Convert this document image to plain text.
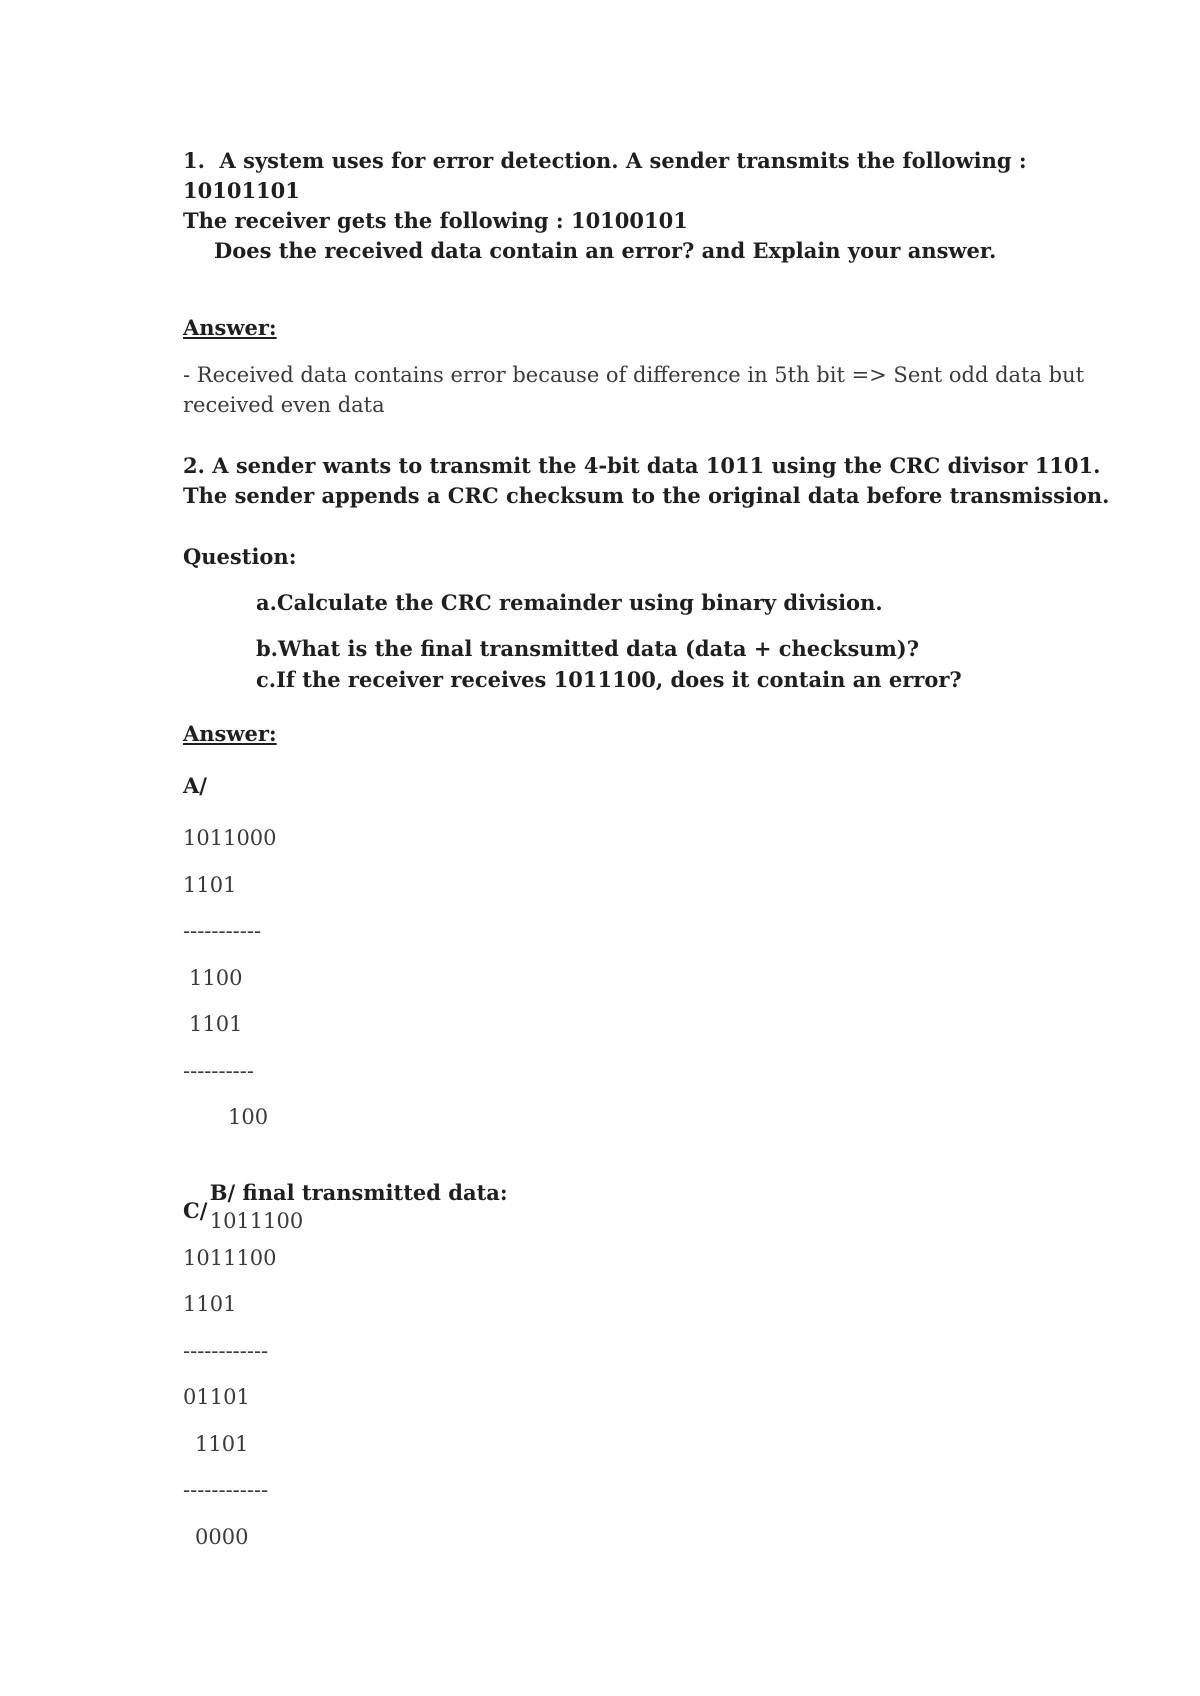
1.  A system uses for error detection. A sender transmits the following :
10101101
The receiver gets the following : 10100101
Does the received data contain an error? and Explain your answer.
Answer:
- Received data contains error because of difference in 5th bit => Sent odd data but
received even data
2. A sender wants to transmit the 4-bit data 1011 using the CRC divisor 1101.
The sender appends a CRC checksum to the original data before transmission.
Question:
a.Calculate the CRC remainder using binary division.
b.What is the final transmitted data (data + checksum)?
c.If the receiver receives 1011100, does it contain an error?
Answer:
A/
1011000
1101
-----------
1100
1101
----------
100

B/ final transmitted data:
1011100

C/
1011100
1101
------------
01101
1101
------------
0000
